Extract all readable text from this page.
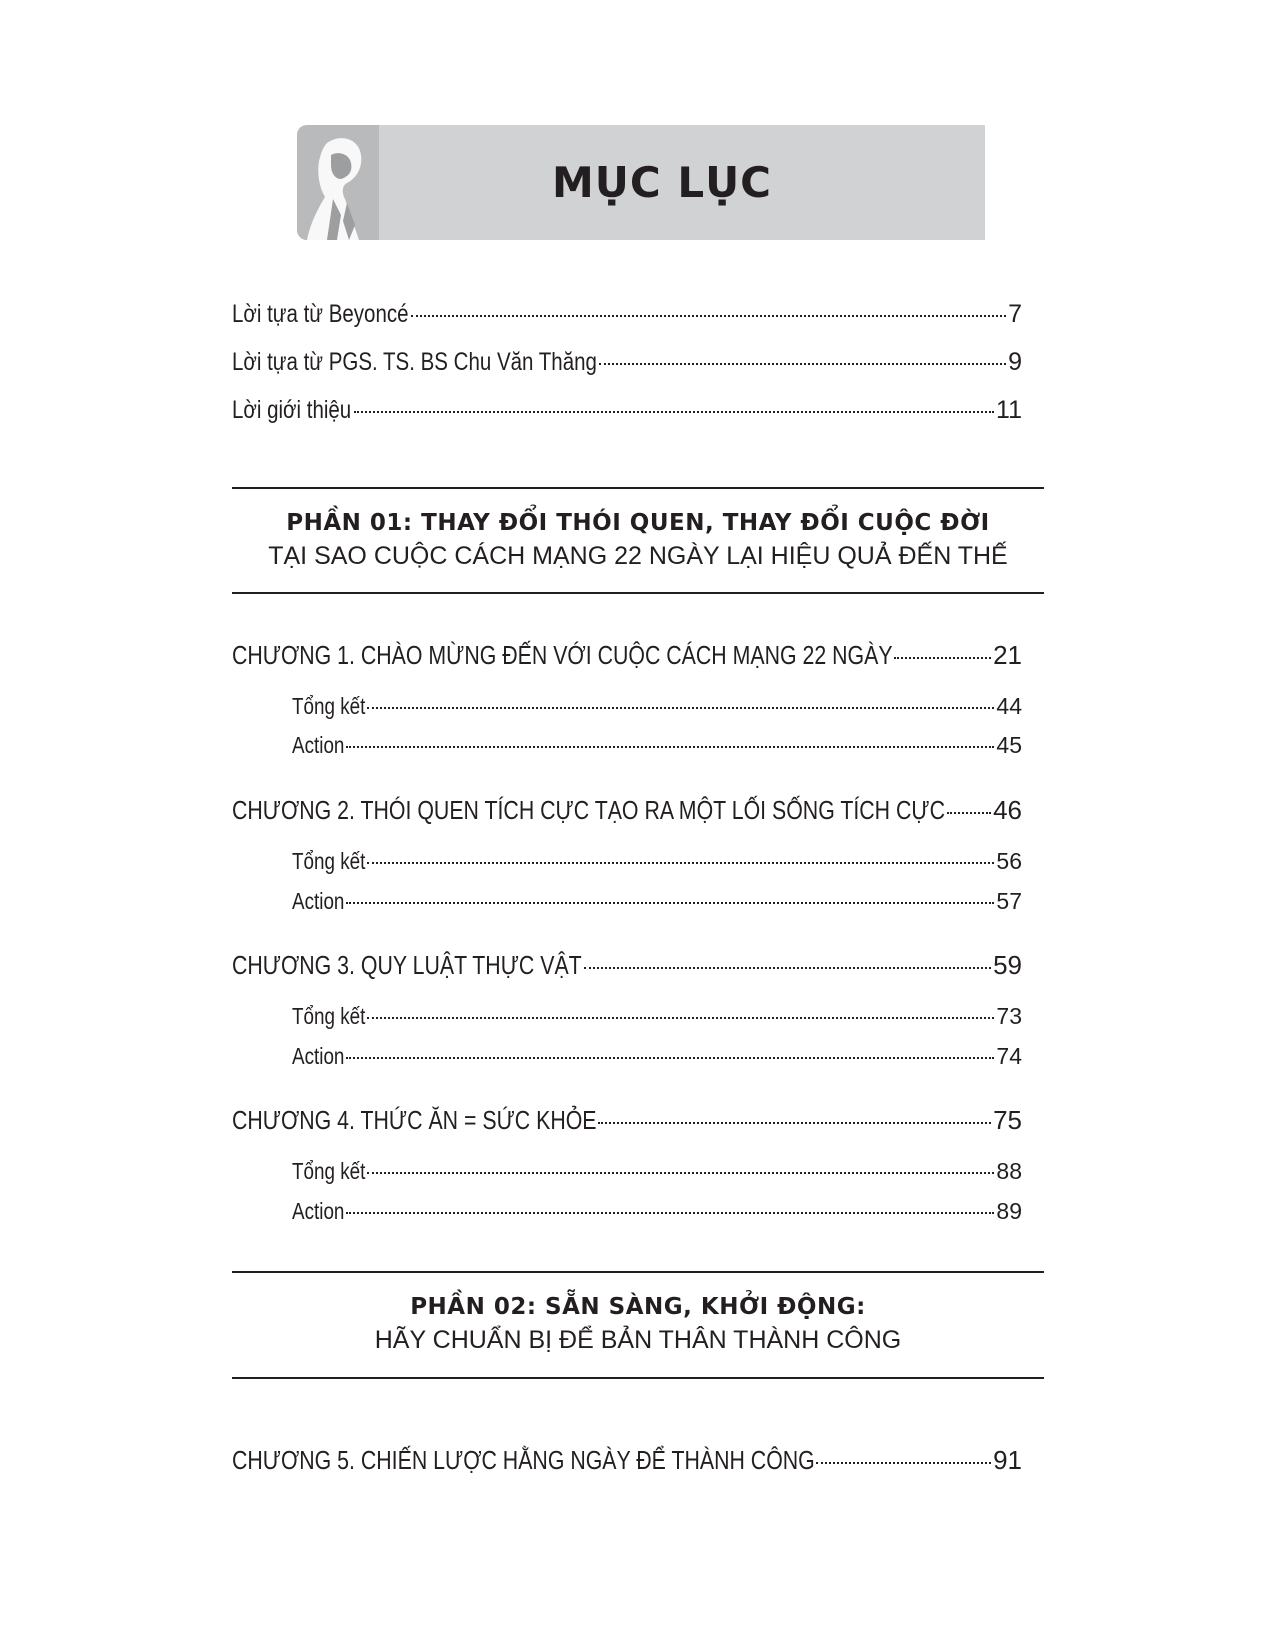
MỤC LỤC
Lời tựa từ Beyoncé	7
Lời tựa từ PGS. TS. BS Chu Văn Thăng	9
Lời giới thiệu	11
PHẦN 01: THAY ĐỔI THÓI QUEN, THAY ĐỔI CUỘC ĐỜI
TẠI SAO CUỘC CÁCH MẠNG 22 NGÀY LẠI HIỆU QUẢ ĐẾN THẾ
CHƯƠNG 1. CHÀO MỪNG ĐẾN VỚI CUỘC CÁCH MẠNG 22 NGÀY	21
Tổng kết	44
Action	45
CHƯƠNG 2. THÓI QUEN TÍCH CỰC TẠO RA MỘT LỐI SỐNG TÍCH CỰC 46
Tổng kết	56
Action	57
CHƯƠNG 3. QUY LUẬT THỰC VẬT	59
Tổng kết	73
Action	74
CHƯƠNG 4. THỨC ĂN = SỨC KHỎE	75
Tổng kết	88
Action	89
PHẦN 02: SẴN SÀNG, KHỞI ĐỘNG:
HÃY CHUẨN BỊ ĐỂ BẢN THÂN THÀNH CÔNG
CHƯƠNG 5. CHIẾN LƯỢC HẰNG NGÀY ĐỂ THÀNH CÔNG	91
